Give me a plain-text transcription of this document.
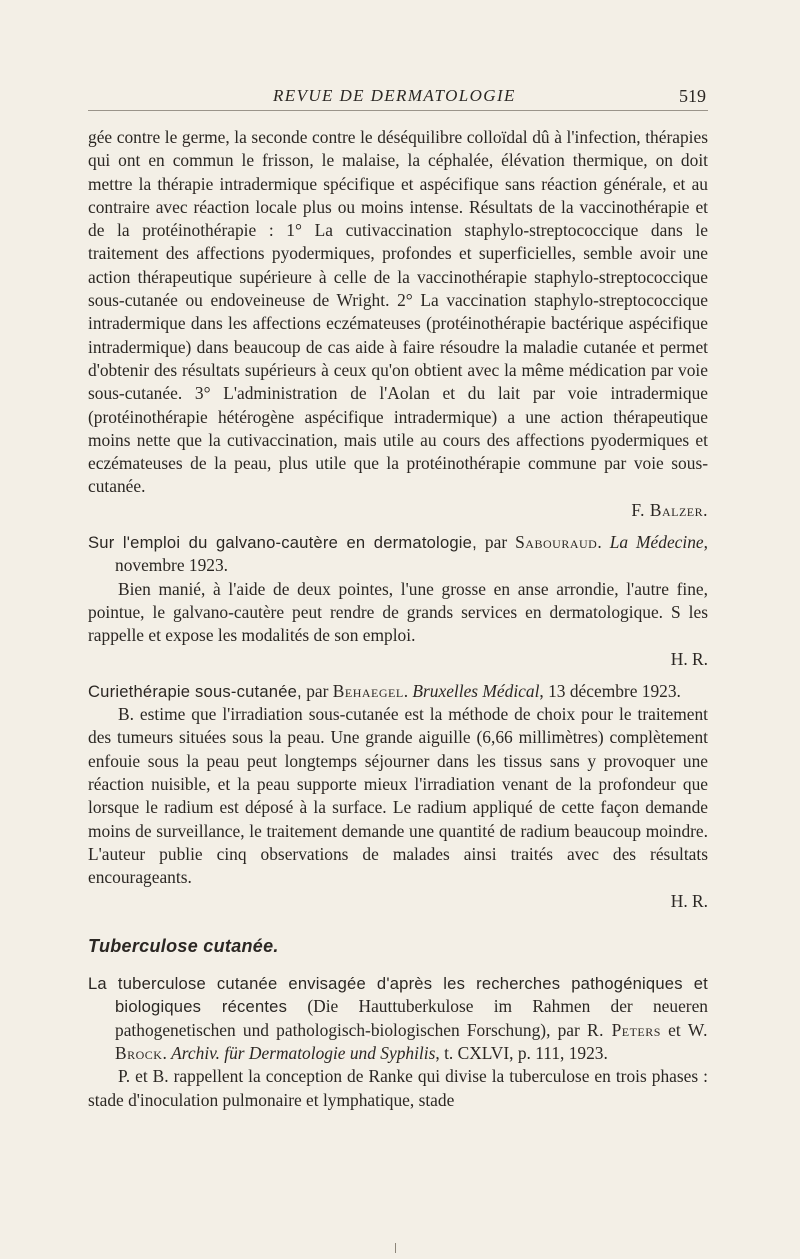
REVUE DE DERMATOLOGIE	519

gée contre le germe, la seconde contre le déséquilibre colloïdal dû à l'infection, thérapies qui ont en commun le frisson, le malaise, la céphalée, élévation thermique, on doit mettre la thérapie intradermique spécifique et aspécifique sans réaction générale, et au contraire avec réaction locale plus ou moins intense. Résultats de la vaccinothérapie et de la protéinothérapie : 1° La cutivaccination staphylo-streptococcique dans le traitement des affections pyodermiques, profondes et superficielles, semble avoir une action thérapeutique supérieure à celle de la vaccinothérapie staphylo-streptococcique sous-cutanée ou endoveineuse de Wright. 2° La vaccination staphylo-streptococcique intradermique dans les affections eczémateuses (protéinothérapie bactérique aspécifique intradermique) dans beaucoup de cas aide à faire résoudre la maladie cutanée et permet d'obtenir des résultats supérieurs à ceux qu'on obtient avec la même médication par voie sous-cutanée. 3° L'administration de l'Aolan et du lait par voie intradermique (protéinothérapie hétérogène aspécifique intradermique) a une action thérapeutique moins nette que la cutivaccination, mais utile au cours des affections pyodermiques et eczémateuses de la peau, plus utile que la protéinothérapie commune par voie sous-cutanée.

F. Balzer.

Sur l'emploi du galvano-cautère en dermatologie, par Sabouraud. La Médecine, novembre 1923.

Bien manié, à l'aide de deux pointes, l'une grosse en anse arrondie, l'autre fine, pointue, le galvano-cautère peut rendre de grands services en dermatologique. S les rappelle et expose les modalités de son emploi.

H. R.

Curiethérapie sous-cutanée, par Behaegel. Bruxelles Médical, 13 décembre 1923.

B. estime que l'irradiation sous-cutanée est la méthode de choix pour le traitement des tumeurs situées sous la peau. Une grande aiguille (6,66 millimètres) complètement enfouie sous la peau peut longtemps séjourner dans les tissus sans y provoquer une réaction nuisible, et la peau supporte mieux l'irradiation venant de la profondeur que lorsque le radium est déposé à la surface. Le radium appliqué de cette façon demande moins de surveillance, le traitement demande une quantité de radium beaucoup moindre. L'auteur publie cinq observations de malades ainsi traités avec des résultats encourageants.

H. R.

Tuberculose cutanée.

La tuberculose cutanée envisagée d'après les recherches pathogéniques et biologiques récentes (Die Hauttuberkulose im Rahmen der neueren pathogenetischen und pathologisch-biologischen Forschung), par R. Peters et W. Brock. Archiv. für Dermatologie und Syphilis, t. CXLVI, p. 111, 1923.

P. et B. rappellent la conception de Ranke qui divise la tuberculose en trois phases : stade d'inoculation pulmonaire et lymphatique, stade
